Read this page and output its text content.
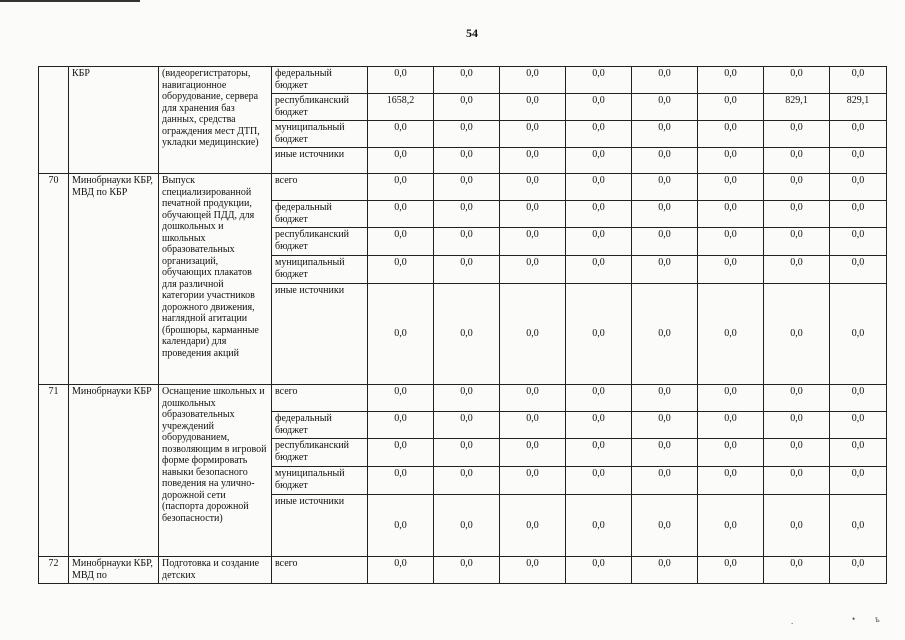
54
	КБР	(видеорегистраторы, навигационное оборудование, сервера для хранения баз данных, средства ограждения мест ДТП, укладки медицинские)	федеральный бюджет	0,0	0,0	0,0	0,0	0,0	0,0	0,0	0,0
			республиканский бюджет	1658,2	0,0	0,0	0,0	0,0	0,0	829,1	829,1
			муниципальный бюджет	0,0	0,0	0,0	0,0	0,0	0,0	0,0	0,0
			иные источники	0,0	0,0	0,0	0,0	0,0	0,0	0,0	0,0
70	Минобрнауки КБР, МВД по КБР	Выпуск специализированной печатной продукции, обучающей ПДД, для дошкольных и школьных образовательных организаций, обучающих плакатов для различной категории участников дорожного движения, наглядной агитации (брошюры, карманные календари) для проведения акций	всего	0,0	0,0	0,0	0,0	0,0	0,0	0,0	0,0
			федеральный бюджет	0,0	0,0	0,0	0,0	0,0	0,0	0,0	0,0
			республиканский бюджет	0,0	0,0	0,0	0,0	0,0	0,0	0,0	0,0
			муниципальный бюджет	0,0	0,0	0,0	0,0	0,0	0,0	0,0	0,0
			иные источники	0,0	0,0	0,0	0,0	0,0	0,0	0,0	0,0
71	Минобрнауки КБР	Оснащение школьных и дошкольных образовательных учреждений оборудованием, позволяющим в игровой форме формировать навыки безопасного поведения на улично-дорожной сети (паспорта дорожной безопасности)	всего	0,0	0,0	0,0	0,0	0,0	0,0	0,0	0,0
			федеральный бюджет	0,0	0,0	0,0	0,0	0,0	0,0	0,0	0,0
			республиканский бюджет	0,0	0,0	0,0	0,0	0,0	0,0	0,0	0,0
			муниципальный бюджет	0,0	0,0	0,0	0,0	0,0	0,0	0,0	0,0
			иные источники	0,0	0,0	0,0	0,0	0,0	0,0	0,0	0,0
72	Минобрнауки КБР, МВД по	Подготовка и создание детских	всего	0,0	0,0	0,0	0,0	0,0	0,0	0,0	0,0
.	• ъ
